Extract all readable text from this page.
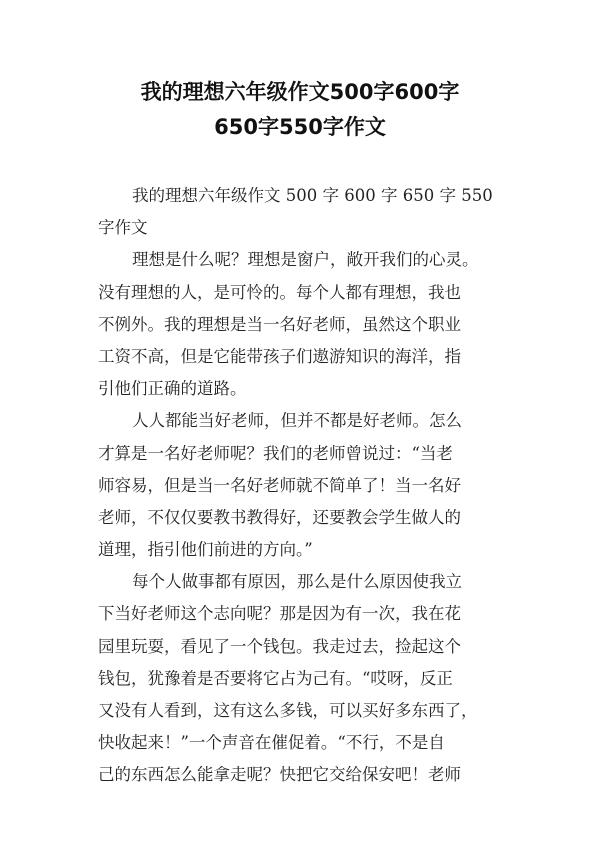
我的理想六年级作文500字600字
650字550字作文
我的理想六年级作文 500 字 600 字 650 字 550
字作文
理想是什么呢？理想是窗户，敞开我们的心灵。
没有理想的人，是可怜的。每个人都有理想，我也
不例外。我的理想是当一名好老师，虽然这个职业
工资不高，但是它能带孩子们遨游知识的海洋，指
引他们正确的道路。
人人都能当好老师，但并不都是好老师。怎么
才算是一名好老师呢？我们的老师曾说过：“当老
师容易，但是当一名好老师就不简单了！当一名好
老师，不仅仅要教书教得好，还要教会学生做人的
道理，指引他们前进的方向。”
每个人做事都有原因，那么是什么原因使我立
下当好老师这个志向呢？那是因为有一次，我在花
园里玩耍，看见了一个钱包。我走过去，捡起这个
钱包，犹豫着是否要将它占为己有。“哎呀，反正
又没有人看到，这有这么多钱，可以买好多东西了，
快收起来！”一个声音在催促着。“不行，不是自
己的东西怎么能拿走呢？快把它交给保安吧！老师
